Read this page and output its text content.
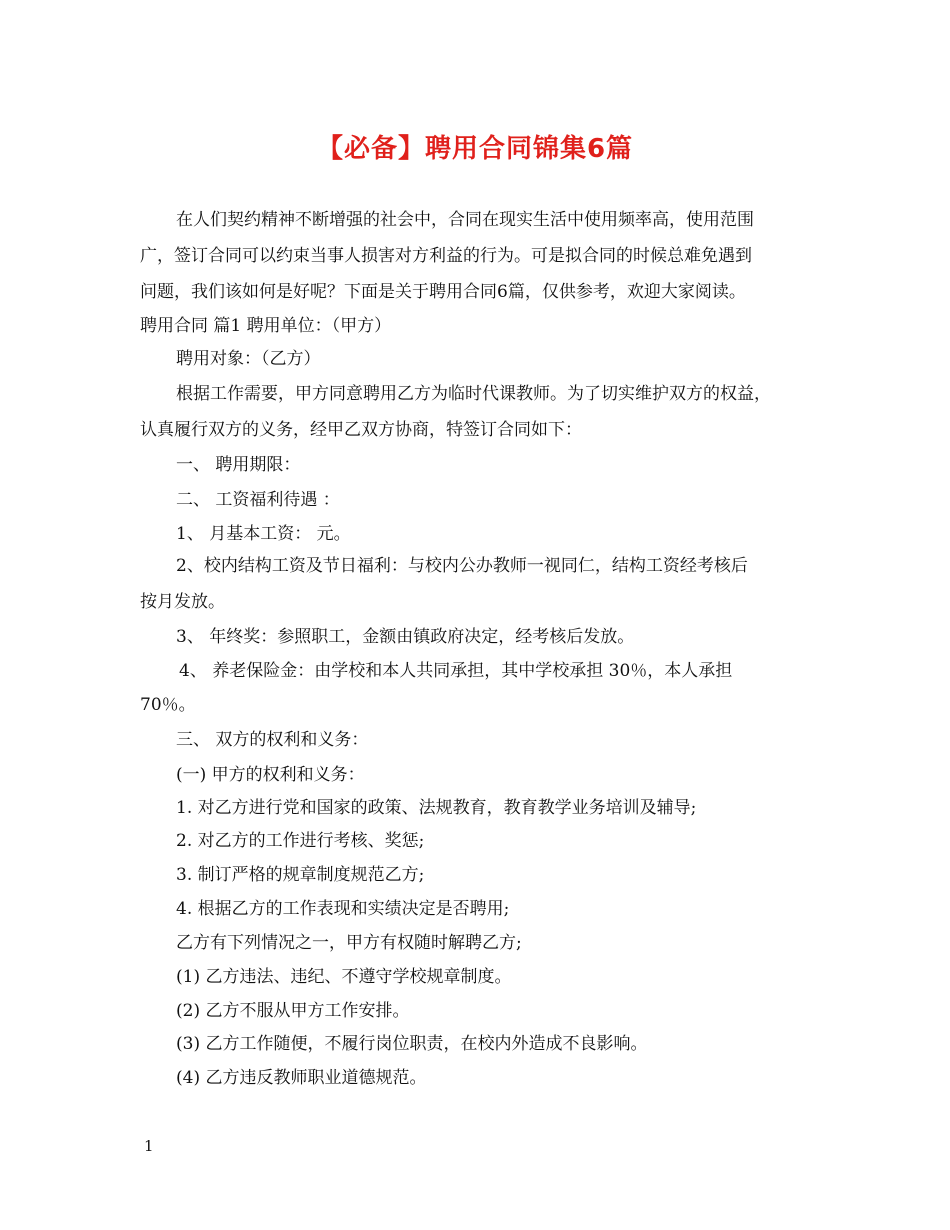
【必备】聘用合同锦集6篇
在人们契约精神不断增强的社会中，合同在现实生活中使用频率高，使用范围
广，签订合同可以约束当事人损害对方利益的行为。可是拟合同的时候总难免遇到
问题，我们该如何是好呢？下面是关于聘用合同6篇，仅供参考，欢迎大家阅读。
聘用合同 篇1 聘用单位：（甲方）
聘用对象：（乙方）
根据工作需要，甲方同意聘用乙方为临时代课教师。为了切实维护双方的权益，
认真履行双方的义务，经甲乙双方协商，特签订合同如下：
一、 聘用期限：
二、 工资福利待遇 ：
1、 月基本工资： 元。
2、校内结构工资及节日福利：与校内公办教师一视同仁，结构工资经考核后
按月发放。
3、 年终奖：参照职工，金额由镇政府决定，经考核后发放。
4、 养老保险金：由学校和本人共同承担，其中学校承担 30％，本人承担
70％。
三、 双方的权利和义务：
(一) 甲方的权利和义务：
1. 对乙方进行党和国家的政策、法规教育，教育教学业务培训及辅导;
2. 对乙方的工作进行考核、奖惩;
3. 制订严格的规章制度规范乙方;
4. 根据乙方的工作表现和实绩决定是否聘用;
乙方有下列情况之一，甲方有权随时解聘乙方;
(1) 乙方违法、违纪、不遵守学校规章制度。
(2) 乙方不服从甲方工作安排。
(3) 乙方工作随便，不履行岗位职责，在校内外造成不良影响。
(4) 乙方违反教师职业道德规范。
1
